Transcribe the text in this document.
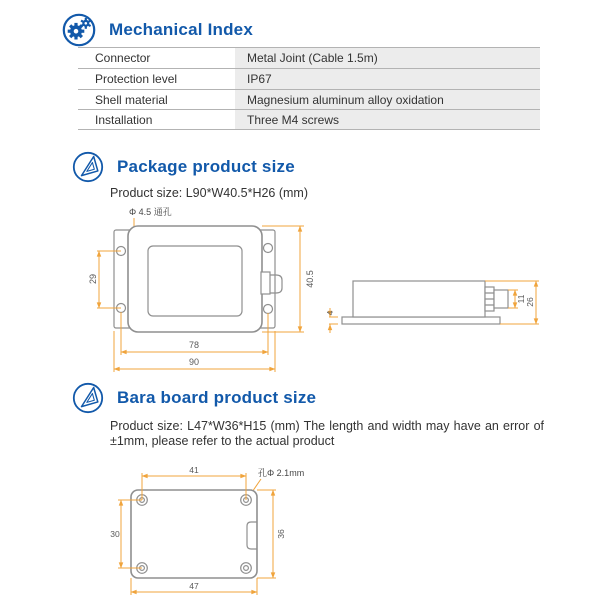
Mechanical Index
Connector	Metal Joint (Cable 1.5m)
Protection level	IP67
Shell material	Magnesium aluminum alloy oxidation
Installation	Three M4 screws
Package product size
Product size: L90*W40.5*H26 (mm)
Φ 4.5 通孔
29	40.5
78
90
11 26
4
Bara board product size
Product size: L47*W36*H15 (mm) The length and width may have an error of ±1mm, please refer to the actual product
孔Φ 2.1mm
41
30
47
36
